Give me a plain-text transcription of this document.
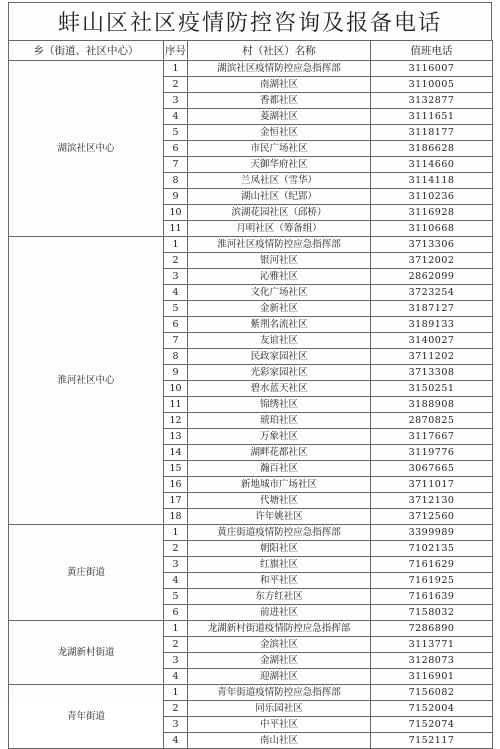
蚌山区社区疫情防控咨询及报备电话
乡（街道、社区中心）	序号	村（社区）名称	值班电话
湖滨社区中心	1	湖滨社区疫情防控应急指挥部	3116007
	2	南湖社区	3110005
	3	香都社区	3132877
	4	菱湖社区	3111651
	5	金恒社区	3118177
	6	市民广场社区	3186628
	7	天御华府社区	3114660
	8	兰凤社区（雪华）	3114118
	9	湖山社区（纪郢）	3110236
	10	滨湖花园社区（邱桥）	3116928
	11	月明社区（筹备组）	3110668
淮河社区中心	1	淮河社区疫情防控应急指挥部	3713306
	2	银河社区	3712002
	3	沁雅社区	2862099
	4	文化广场社区	3723254
	5	金新社区	3187127
	6	紫荆名流社区	3189133
	7	友谊社区	3140027
	8	民政家园社区	3711202
	9	光彩家园社区	3713308
	10	碧水蓝天社区	3150251
	11	锦绣社区	3188908
	12	琥珀社区	2870825
	13	万象社区	3117667
	14	湖畔花都社区	3119776
	15	瀚百社区	3067665
	16	新地城市广场社区	3711017
	17	代塘社区	3712130
	18	许年姚社区	3712560
黄庄街道	1	黄庄街道疫情防控应急指挥部	3399989
	2	朝阳社区	7102135
	3	红旗社区	7161629
	4	和平社区	7161925
	5	东方红社区	7161639
	6	前进社区	7158032
龙湖新村街道	1	龙湖新村街道疫情防控应急指挥部	7286890
	2	金滨社区	3113771
	3	金湖社区	3128073
	4	迎湖社区	3116901
青年街道	1	青年街道疫情防控应急指挥部	7156082
	2	同乐园社区	7152004
	3	中平社区	7152074
	4	南山社区	7152117
